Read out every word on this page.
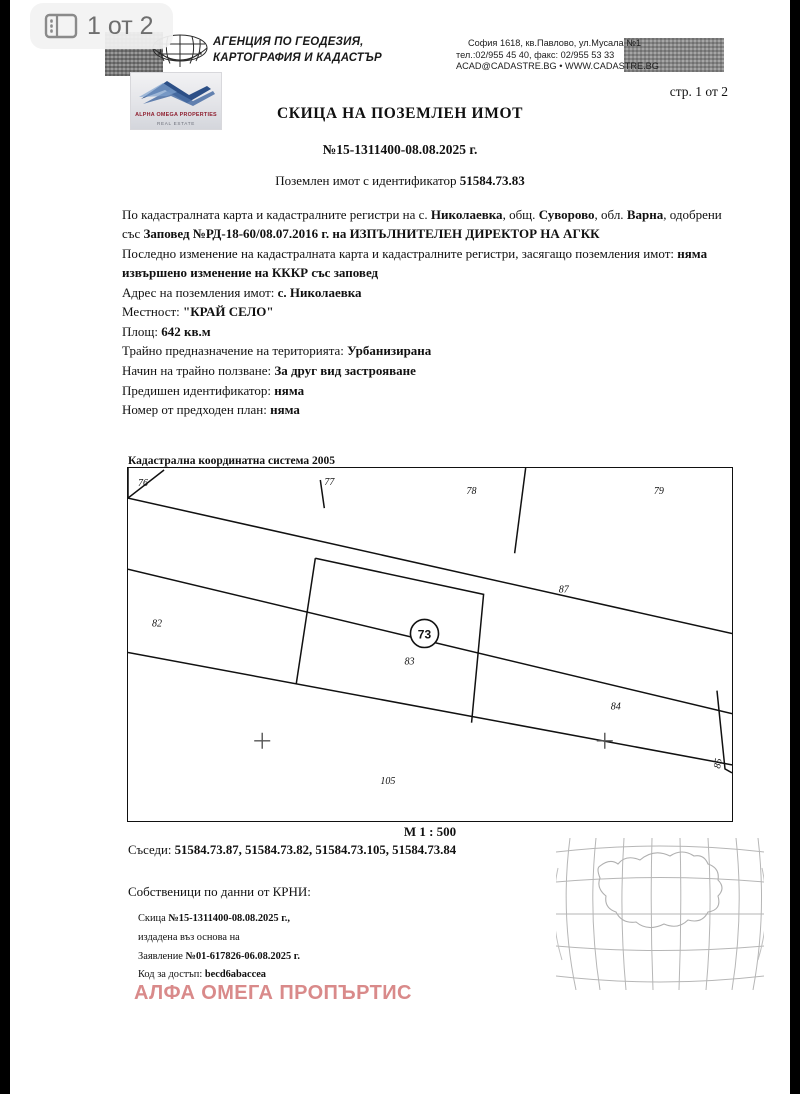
АГЕНЦИЯ ПО ГЕОДЕЗИЯ,
КАРТОГРАФИЯ И КАДАСТЪР
ALPHA OMEGA PROPERTIES
REAL ESTATE
София 1618, кв.Павлово, ул.Мусала №1
тел.:02/955 45 40, факс: 02/955 53 33
ACAD@CADASTRE.BG • WWW.CADASTRE.BG
стр. 1 от 2
СКИЦА НА ПОЗЕМЛЕН ИМОТ
№15-1311400-08.08.2025 г.
Поземлен имот с идентификатор 51584.73.83

По кадастралната карта и кадастралните регистри на с. Николаевка, общ. Суворово, обл. Варна, одобрени със Заповед №РД-18-60/08.07.2016 г. на ИЗПЪЛНИТЕЛЕН ДИРЕКТОР НА АГКК

Последно изменение на кадастралната карта и кадастралните регистри, засягащо поземления имот: няма извършено изменение на КККР със заповед

Адрес на поземления имот: с. Николаевка

Местност: "КРАЙ СЕЛО"

Площ: 642 кв.м

Трайно предназначение на територията: Урбанизирана

Начин на трайно ползване: За друг вид застрояване

Предишен идентификатор: няма

Номер от предходен план: няма

Кадастрална координатна система 2005
73
76	77
78	79
87
82
83
84
85
105
M 1 : 500
Съседи: 51584.73.87, 51584.73.82, 51584.73.105, 51584.73.84
Собственици по данни от КРНИ:
Скица №15-1311400-08.08.2025 г.,
издадена въз основа на
Заявление №01-617826-06.08.2025 г.
Код за достъп: becd6abaccea
АЛФА ОМЕГА ПРОПЪРТИС
1 от 2
